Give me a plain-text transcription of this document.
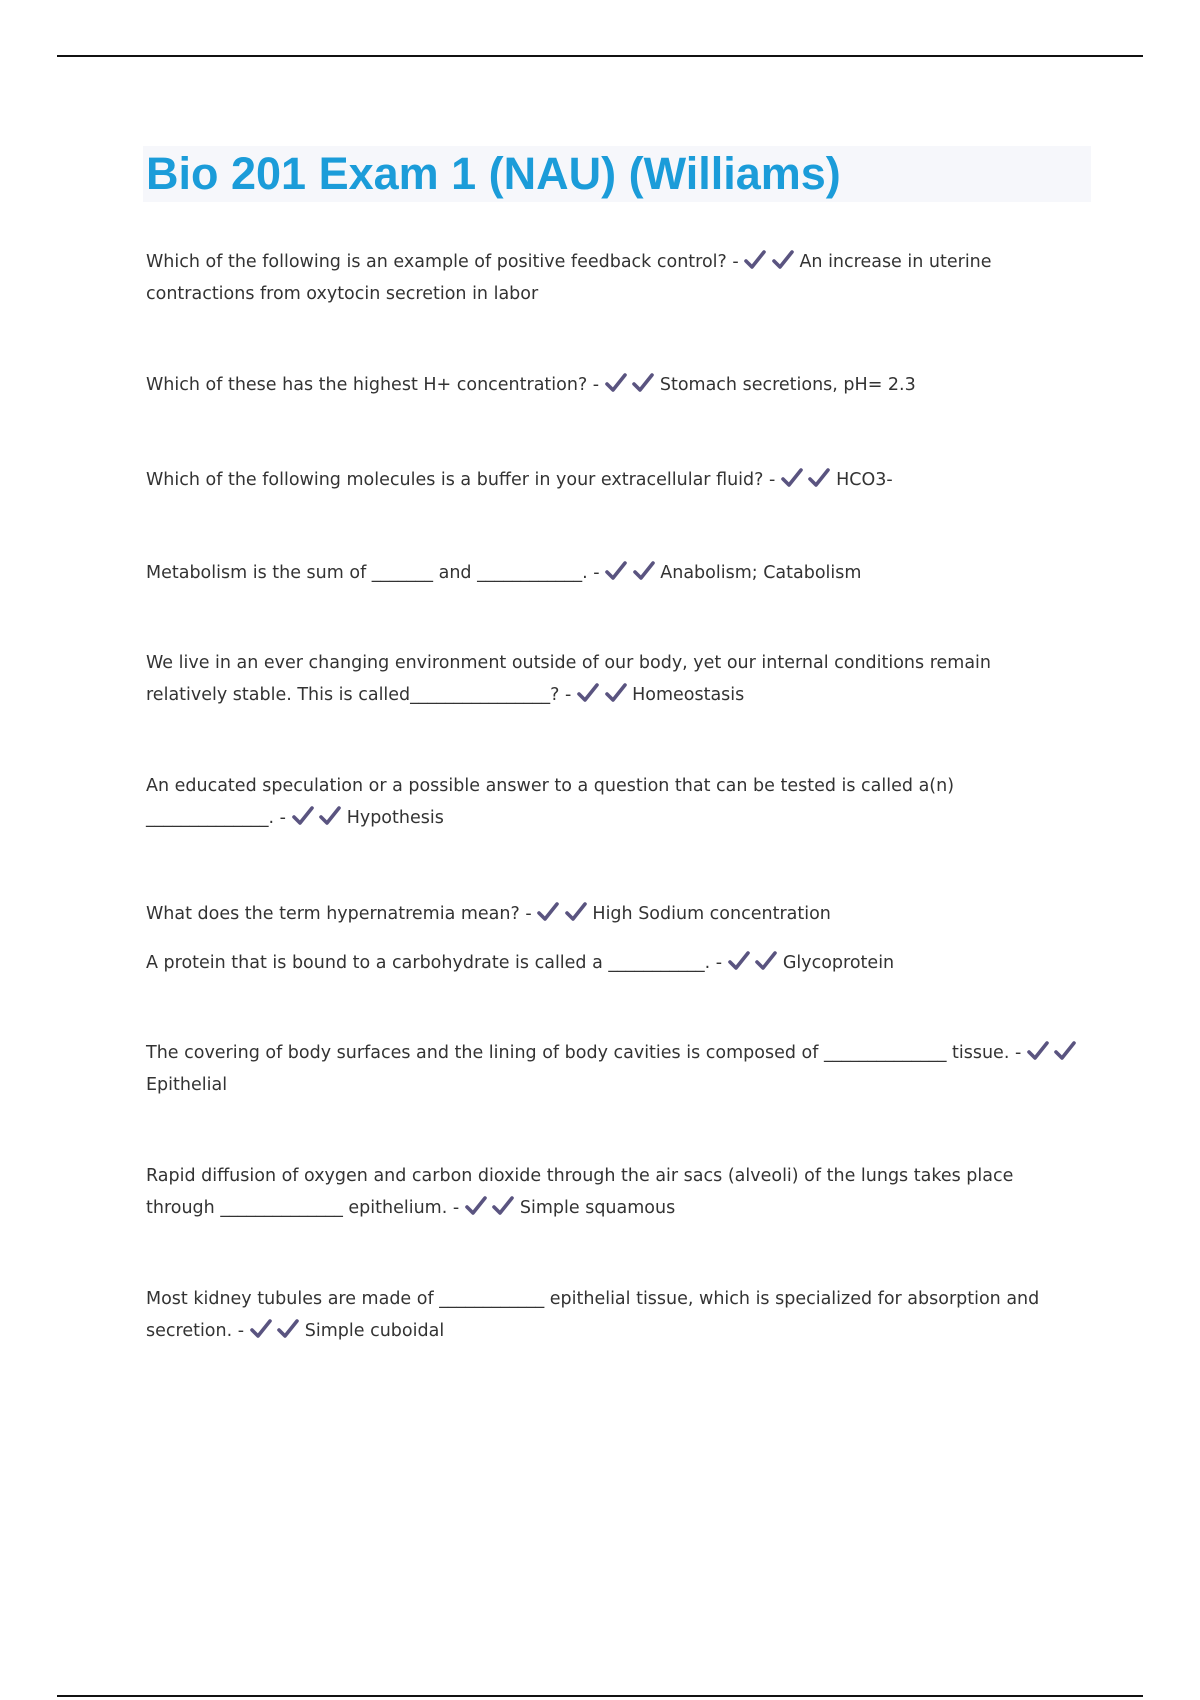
Bio 201 Exam 1 (NAU) (Williams)

Which of the following is an example of positive feedback control? -
	An increase in uterine contractions from oxytocin secretion in labor

Which of these has the highest H+ concentration? -
	Stomach secretions, pH= 2.3

Which of the following molecules is a buffer in your extracellular fluid? -
	HCO3-

Metabolism is the sum of _______ and ____________. -
	Anabolism; Catabolism

We live in an ever changing environment outside of our body, yet our internal conditions remain relatively stable. This is called________________? -
	Homeostasis

An educated speculation or a possible answer to a question that can be tested is called a(n) ______________. -
	Hypothesis

What does the term hypernatremia mean? -
	High Sodium concentration

A protein that is bound to a carbohydrate is called a ___________. -
	Glycoprotein

The covering of body surfaces and the lining of body cavities is composed of ______________ tissue. -

Epithelial

Rapid diffusion of oxygen and carbon dioxide through the air sacs (alveoli) of the lungs takes place through ______________ epithelium. -
	Simple squamous

Most kidney tubules are made of ____________ epithelial tissue, which is specialized for absorption and secretion. -
	Simple cuboidal
